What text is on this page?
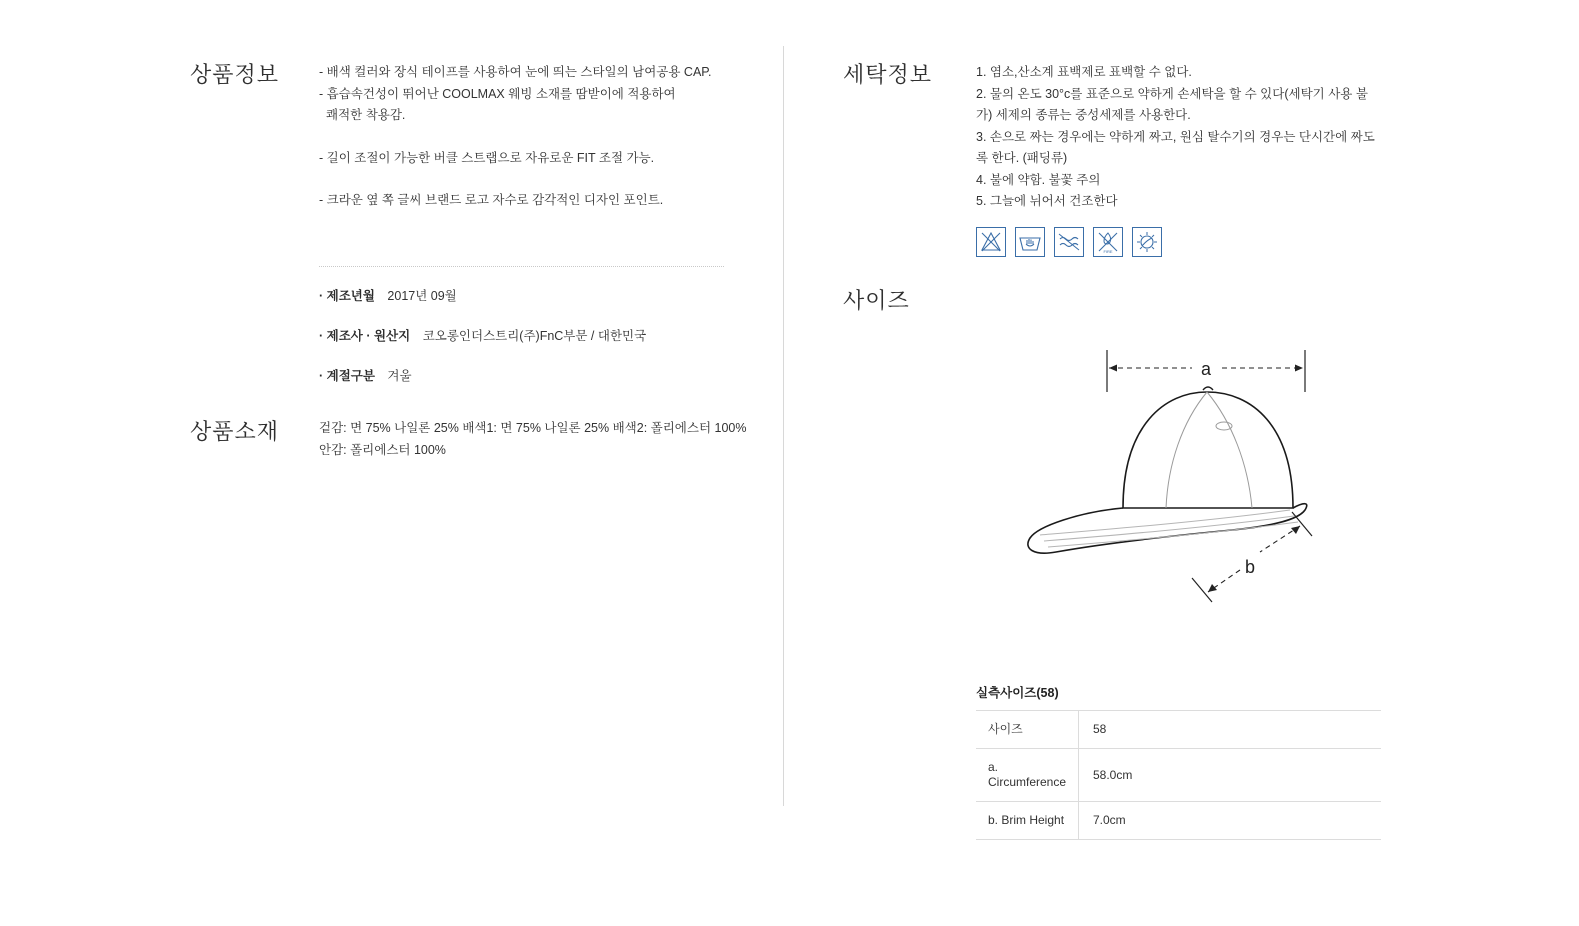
상품정보	- 배색 컬러와 장식 테이프를 사용하여 눈에 띄는 스타일의 남여공용 CAP.
- 흡습속건성이 뛰어난 COOLMAX 웨빙 소재를 땀받이에 적용하여
쾌적한 착용감.
- 길이 조절이 가능한 버클 스트랩으로 자유로운 FIT 조절 가능.
- 크라운 옆 쪽 글씨 브랜드 로고 자수로 감각적인 디자인 포인트.
· 제조년월 2017년 09월
· 제조사 · 원산지 코오롱인더스트리(주)FnC부문 / 대한민국
· 계절구분 겨울
상품소재	겉감: 면 75% 나일론 25% 배색1: 면 75% 나일론 25% 배색2: 폴리에스터 100%
안감: 폴리에스터 100%
세탁정보	1. 염소,산소계 표백제로 표백할 수 없다.
2. 물의 온도 30°c를 표준으로 약하게 손세탁을 할 수 있다(세탁기 사용 불가) 세제의 종류는 중성세제를 사용한다.
3. 손으로 짜는 경우에는 약하게 짜고, 원심 탈수기의 경우는 단시간에 짜도록 한다. (패딩류)
4. 불에 약함. 불꽃 주의
5. 그늘에 뉘어서 건조한다
FIRE
사이즈
a
b
실측사이즈(58)
사이즈	58
a. Circumference	58.0cm
b. Brim Height	7.0cm
